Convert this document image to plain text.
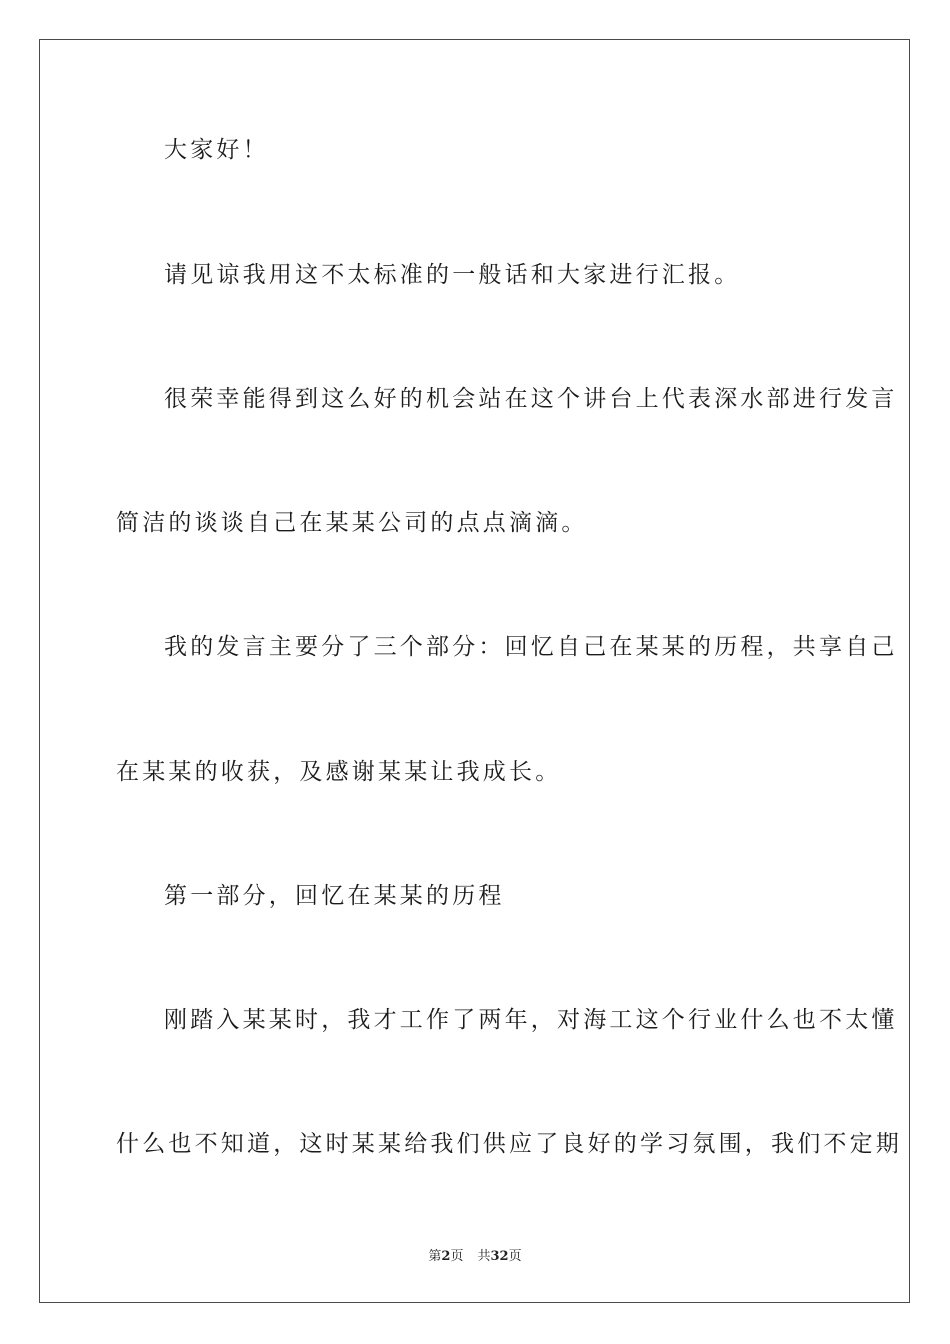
大家好！
请见谅我用这不太标准的一般话和大家进行汇报。
很荣幸能得到这么好的机会站在这个讲台上代表深水部进行发言
简洁的谈谈自己在某某公司的点点滴滴。
我的发言主要分了三个部分：回忆自己在某某的历程，共享自己
在某某的收获，及感谢某某让我成长。
第一部分，回忆在某某的历程
刚踏入某某时，我才工作了两年，对海工这个行业什么也不太懂
什么也不知道，这时某某给我们供应了良好的学习氛围，我们不定期
第2页 共32页
